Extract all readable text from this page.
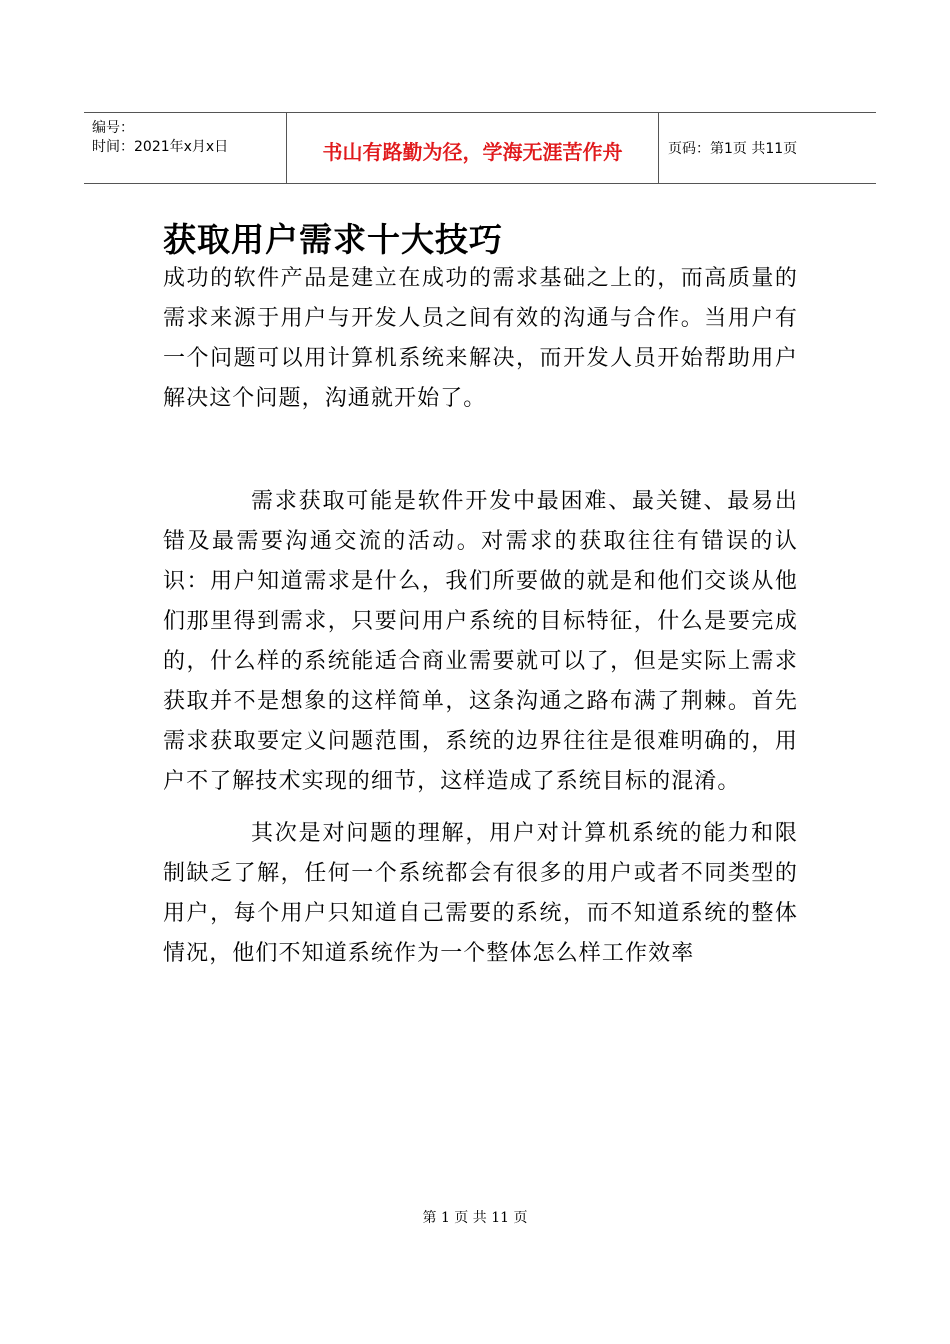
编号：
时间：2021年x月x日	书山有路勤为径，学海无涯苦作舟	页码：第1页 共11页
获取用户需求十大技巧

成功的软件产品是建立在成功的需求基础之上的，而高质量的需求来源于用户与开发人员之间有效的沟通与合作。当用户有一个问题可以用计算机系统来解决，而开发人员开始帮助用户解决这个问题，沟通就开始了。

需求获取可能是软件开发中最困难、最关键、最易出错及最需要沟通交流的活动。对需求的获取往往有错误的认识：用户知道需求是什么，我们所要做的就是和他们交谈从他们那里得到需求，只要问用户系统的目标特征，什么是要完成的，什么样的系统能适合商业需要就可以了，但是实际上需求获取并不是想象的这样简单，这条沟通之路布满了荆棘。首先需求获取要定义问题范围，系统的边界往往是很难明确的，用户不了解技术实现的细节，这样造成了系统目标的混淆。

其次是对问题的理解，用户对计算机系统的能力和限制缺乏了解，任何一个系统都会有很多的用户或者不同类型的用户，每个用户只知道自己需要的系统，而不知道系统的整体情况，他们不知道系统作为一个整体怎么样工作效率

第 1 页 共 11 页
